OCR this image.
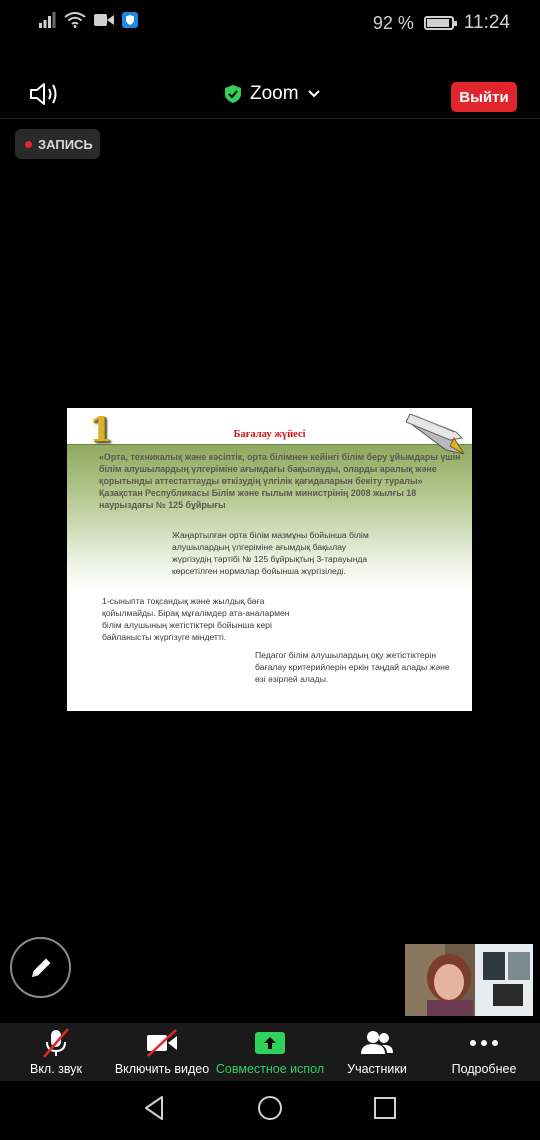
92 %	11:24
Zoom	Выйти
ЗАПИСЬ
1	Бағалау жүйесі
«Орта, техникалық және кәсіптік, орта білімнен кейінгі білім беру ұйымдары үшін білім алушылардың үлгеріміне ағымдағы бақылауды, оларды аралық және қорытынды аттестаттауды өткізудің үлгілік қағидаларын бекіту туралы» Қазақстан Республикасы Білім және ғылым министрінің 2008 жылғы 18 наурыздағы № 125 бұйрығы
Жаңартылған орта білім мазмұны бойынша білім алушылардың үлгеріміне ағымдық бақылау жүргізудің тәртібі № 125 бұйрықтың 3-тарауында көрсетілген нормалар бойынша жүргізіледі.
1-сыныпта тоқсандық және жылдық баға қойылмайды. Бірақ мұғалімдер ата-аналармен білім алушының жетістіктері бойынша кері байланысты жүргізуге міндетті.
Педагог білім алушылардың оқу жетістіктерін бағалау критерийлерін еркін таңдай алады және өзі әзірлей алады.
Вкл. звук	Включить видео Совместное испол Участники	Подробнее
